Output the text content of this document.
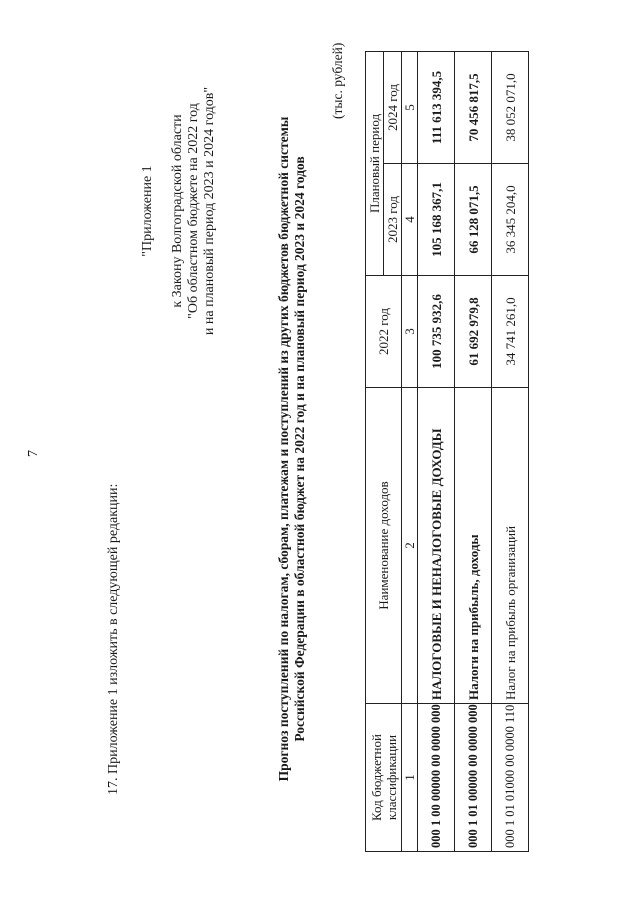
7
17. Приложение 1 изложить в следующей редакции:
"Приложение 1 к Закону Волгоградской области "Об областном бюджете на 2022 год и на плановый период 2023 и 2024 годов"	Прогноз поступлений по налогам, сборам, платежам и поступлений из других бюджетов бюджетной системы Российской Федерации в областной бюджет на 2022 год и на плановый период 2023 и 2024 годов
(тыс. рублей)
Код бюджетной классификации	Наименование доходов	2022 год	Плановый период	
			2023 год	2024 год
1	2	3	4	5
000 1 00 00000 00 0000 000	НАЛОГОВЫЕ И НЕНАЛОГОВЫЕ ДОХОДЫ	100 735 932,6	105 168 367,1	111 613 394,5
000 1 01 00000 00 0000 000	Налоги на прибыль, доходы	61 692 979,8	66 128 071,5	70 456 817,5
000 1 01 01000 00 0000 110	Налог на прибыль организаций	34 741 261,0	36 345 204,0	38 052 071,0
